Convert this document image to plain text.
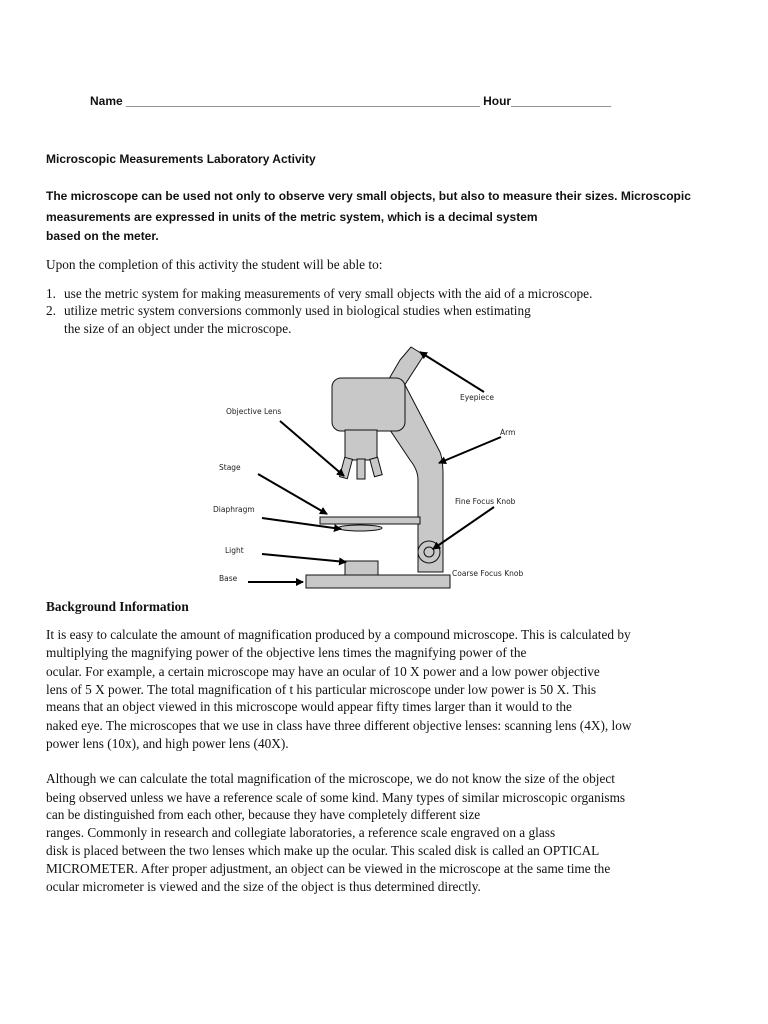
Name _____________________________________________________ Hour_______________
Microscopic Measurements Laboratory Activity
The microscope can be used not only to observe very small objects, but also to measure their sizes. Microscopic
measurements are expressed in units of the metric system, which is a decimal system
based on the meter.
Upon the completion of this activity the student will be able to:
1. use the metric system for making measurements of very small objects with the aid of a microscope.
2. utilize metric system conversions commonly used in biological studies when estimating
the size of an object under the microscope.
Eyepiece
Arm
Objective Lens
Stage
Diaphragm
Light
Base
Fine Focus Knob
Coarse Focus Knob
Background Information
It is easy to calculate the amount of magnification produced by a compound microscope. This is calculated by
multiplying the magnifying power of the objective lens times the magnifying power of the
ocular. For example, a certain microscope may have an ocular of 10 X power and a low power objective
lens of 5 X power. The total magnification of t his particular microscope under low power is 50 X. This
means that an object viewed in this microscope would appear fifty times larger than it would to the
naked eye. The microscopes that we use in class have three different objective lenses: scanning lens (4X), low
power lens (10x), and high power lens (40X).
Although we can calculate the total magnification of the microscope, we do not know the size of the object
being observed unless we have a reference scale of some kind. Many types of similar microscopic organisms
can be distinguished from each other, because they have completely different size
ranges. Commonly in research and collegiate laboratories, a reference scale engraved on a glass
disk is placed between the two lenses which make up the ocular. This scaled disk is called an OPTICAL
MICROMETER. After proper adjustment, an object can be viewed in the microscope at the same time the
ocular micrometer is viewed and the size of the object is thus determined directly.
